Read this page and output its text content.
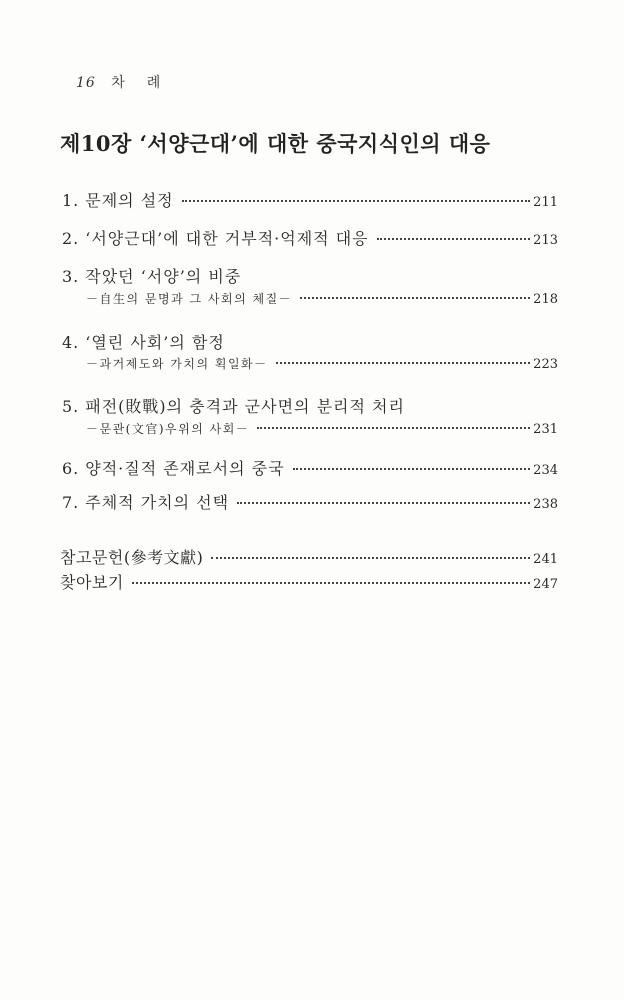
16 차례
제10장 ‘서양근대’에 대한 중국지식인의 대응
1. 문제의 설정	211
2. ‘서양근대’에 대한 거부적·억제적 대응	213
3. 작았던 ‘서양’의 비중
－自生의 문명과 그 사회의 체질－	218
4. ‘열린 사회’의 함정
－과거제도와 가치의 획일화－	223
5. 패전(敗戰)의 충격과 군사면의 분리적 처리
－문관(文官)우위의 사회－	231
6. 양적·질적 존재로서의 중국	234
7. 주체적 가치의 선택	238
참고문헌(參考文獻)	241
찾아보기	247
